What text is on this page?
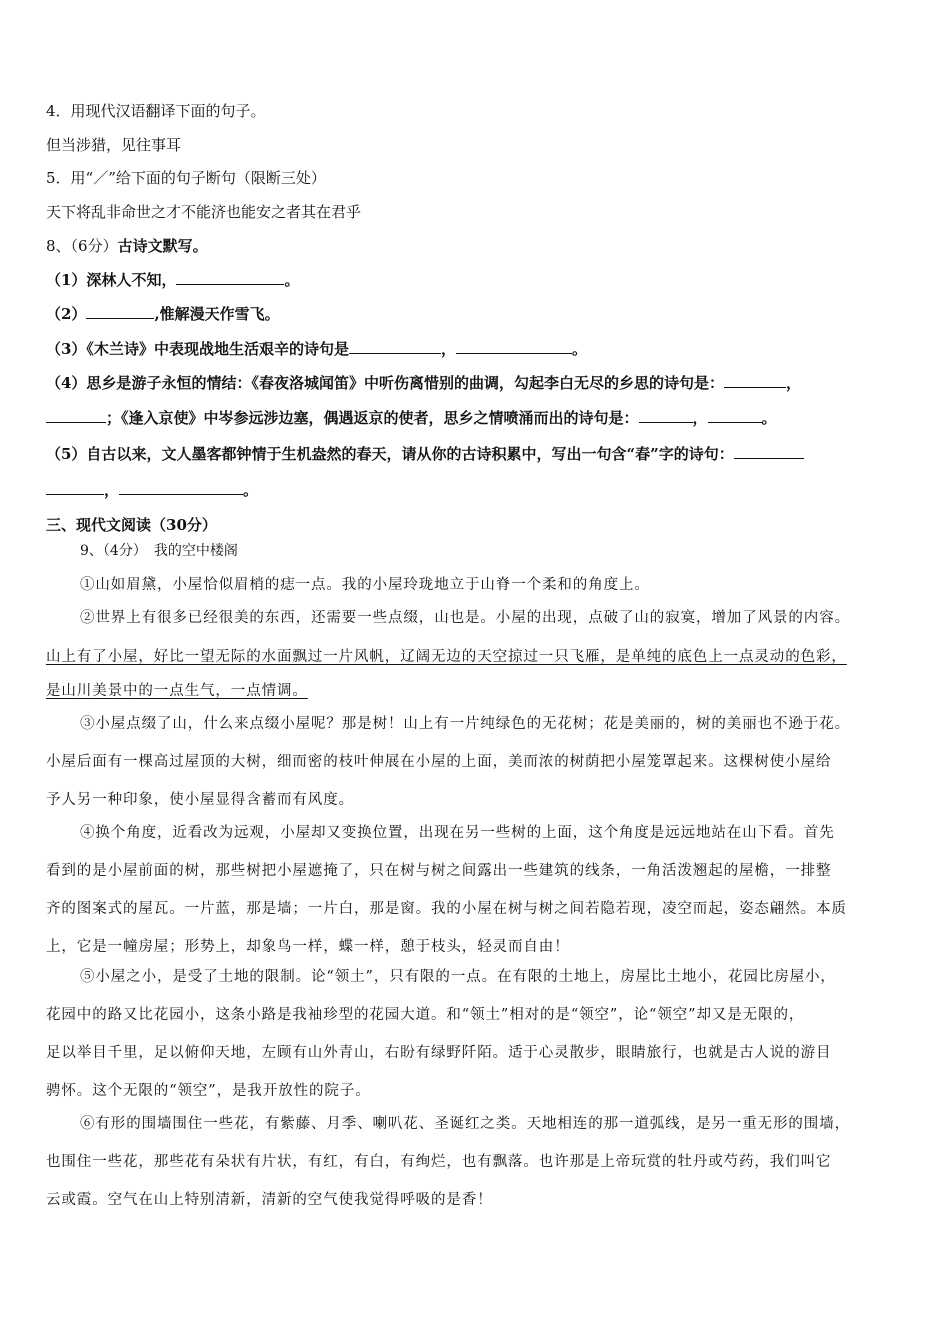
4．用现代汉语翻译下面的句子。
但当涉猎，见往事耳
5．用“／”给下面的句子断句（限断三处）
天下将乱非命世之才不能济也能安之者其在君乎
8、（6分）古诗文默写。
（1）深林人不知，	。
（2）	,惟解漫天作雪飞。
（3）《木兰诗》中表现战地生活艰辛的诗句是	，	。
（4）思乡是游子永恒的情结：《春夜洛城闻笛》中听伤离惜别的曲调，勾起李白无尽的乡思的诗句是：	，
；《逢入京使》中岑参远涉边塞，偶遇返京的使者，思乡之情喷涌而出的诗句是：	，	。
（5）自古以来，文人墨客都钟情于生机盎然的春天，请从你的古诗积累中，写出一句含“春”字的诗句：
，	。
三、现代文阅读（30分）
9、（4分）　我的空中楼阁
①山如眉黛，小屋恰似眉梢的痣一点。我的小屋玲珑地立于山脊一个柔和的角度上。
②世界上有很多已经很美的东西，还需要一些点缀，山也是。小屋的出现，点破了山的寂寞，增加了风景的内容。
山上有了小屋，好比一望无际的水面飘过一片风帆，辽阔无边的天空掠过一只飞雁，是单纯的底色上一点灵动的色彩，
是山川美景中的一点生气，一点情调。
③小屋点缀了山，什么来点缀小屋呢？那是树！山上有一片纯绿色的无花树；花是美丽的，树的美丽也不逊于花。
小屋后面有一棵高过屋顶的大树，细而密的枝叶伸展在小屋的上面，美而浓的树荫把小屋笼罩起来。这棵树使小屋给
予人另一种印象，使小屋显得含蓄而有风度。
④换个角度，近看改为远观，小屋却又变换位置，出现在另一些树的上面，这个角度是远远地站在山下看。首先
看到的是小屋前面的树，那些树把小屋遮掩了，只在树与树之间露出一些建筑的线条，一角活泼翘起的屋檐，一排整
齐的图案式的屋瓦。一片蓝，那是墙；一片白，那是窗。我的小屋在树与树之间若隐若现，凌空而起，姿态翩然。本质
上，它是一幢房屋；形势上，却象鸟一样，蝶一样，憩于枝头，轻灵而自由！
⑤小屋之小，是受了土地的限制。论“领土”，只有限的一点。在有限的土地上，房屋比土地小，花园比房屋小，
花园中的路又比花园小，这条小路是我袖珍型的花园大道。和“领土”相对的是“领空”，论“领空”却又是无限的，
足以举目千里，足以俯仰天地，左顾有山外青山，右盼有绿野阡陌。适于心灵散步，眼睛旅行，也就是古人说的游目
骋怀。这个无限的“领空”，是我开放性的院子。
⑥有形的围墙围住一些花，有紫藤、月季、喇叭花、圣诞红之类。天地相连的那一道弧线，是另一重无形的围墙，
也围住一些花，那些花有朵状有片状，有红，有白，有绚烂，也有飘落。也许那是上帝玩赏的牡丹或芍药，我们叫它
云或霞。空气在山上特别清新，清新的空气使我觉得呼吸的是香！
